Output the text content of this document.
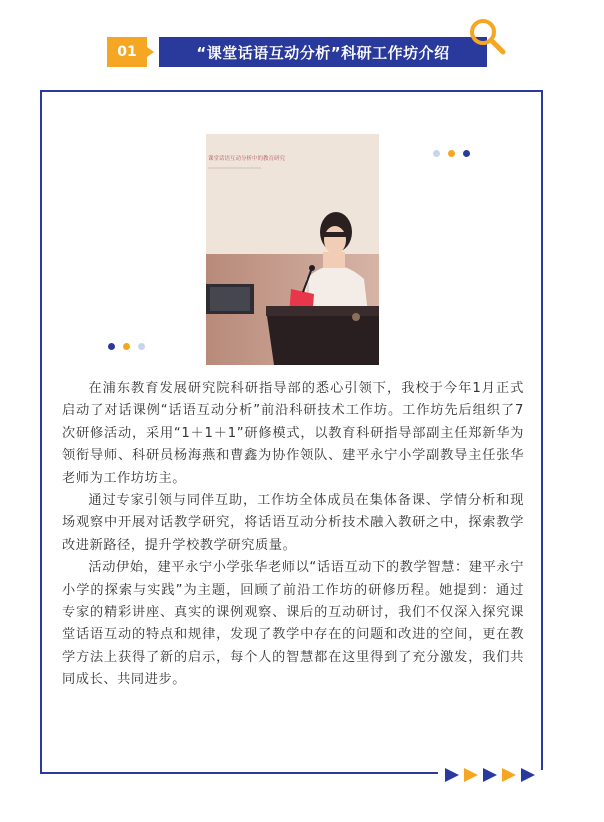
01	“课堂话语互动分析”科研工作坊介绍
课堂话语互动分析中的教育研究

在浦东教育发展研究院科研指导部的悉心引领下，我校于今年1月正式启动了对话课例“话语互动分析”前沿科研技术工作坊。工作坊先后组织了7次研修活动，采用“1＋1＋1”研修模式，以教育科研指导部副主任郑新华为领衔导师、科研员杨海燕和曹鑫为协作领队、建平永宁小学副教导主任张华老师为工作坊坊主。

通过专家引领与同伴互助，工作坊全体成员在集体备课、学情分析和现场观察中开展对话教学研究，将话语互动分析技术融入教研之中，探索教学改进新路径，提升学校教学研究质量。

活动伊始，建平永宁小学张华老师以“话语互动下的教学智慧：建平永宁小学的探索与实践”为主题，回顾了前沿工作坊的研修历程。她提到：通过专家的精彩讲座、真实的课例观察、课后的互动研讨，我们不仅深入探究课堂话语互动的特点和规律，发现了教学中存在的问题和改进的空间，更在教学方法上获得了新的启示，每个人的智慧都在这里得到了充分激发，我们共同成长、共同进步。
